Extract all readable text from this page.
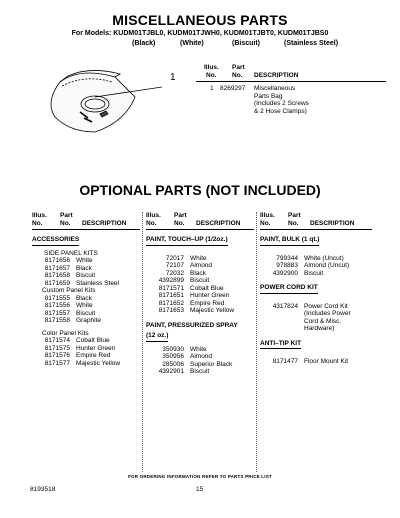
MISCELLANEOUS PARTS
For Models: KUDM01TJBL0, KUDM01TJWH0, KUDM01TJBT0, KUDM01TJBS0
(Black)	(White)	(Biscuit)	(Stainless Steel)
1
Illus.
No.
Part
No. DESCRIPTION
1 8269297 Miscellaneous
Parts Bag
(Includes 2 Screws
& 2 Hose Clamps)
OPTIONAL PARTS (NOT INCLUDED)
Illus.
No.
Part
No. DESCRIPTION
ACCESSORIES
SIDE PANEL KITS
8171656 White
8171657 Black
8171658 Biscuit
8171659 Stainless Steel
Custom Panel Kits
8171555 Black
8171556 White
8171557 Biscuit
8171558 Graphite
Color Panel Kits
8171574 Cobalt Blue
8171575 Hunter Green
8171576 Empire Red
8171577 Majestic Yellow
Illus.
No.
Part
No. DESCRIPTION
PAINT, TOUCH–UP (1/2oz.)
72017 White
72107 Almond
72032 Black
4392899 Biscuit
8171571 Cobalt Blue
8171651 Hunter Green
8171652 Empire Red
8171653 Majestic Yellow
PAINT, PRESSURIZED SPRAY
(12 oz.)
350930 White
350956 Almond
285006 Superior Black
4392901 Biscuit
Illus.
No.
Part
No. DESCRIPTION
PAINT, BULK (1 qt.)
799344 White (Uncut)
978883 Almond (Uncut)
4392900 Biscuit
POWER CORD KIT
4317824 Power Cord Kit
(Includes Power
Cord & Misc.
Hardware)
ANTI–TIP KIT
8171477 Floor Mount Kit
FOR ORDERING INFORMATION REFER TO PARTS PRICE LIST
8193518	15
